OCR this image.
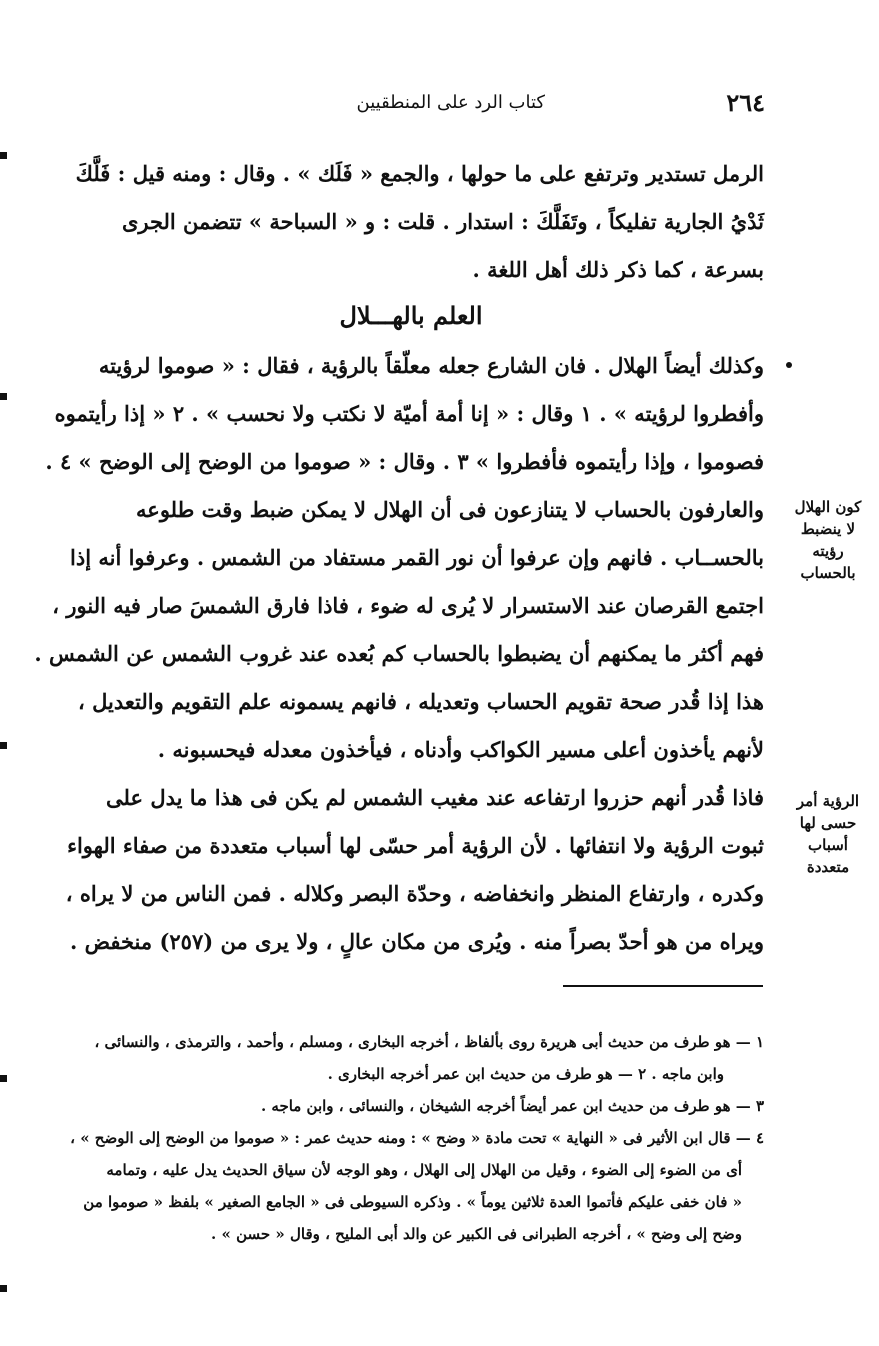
٢٦٤
كتاب الرد على المنطقيين
الرمل تستدير وترتفع على ما حولها ، والجمع « فَلَك » . وقال : ومنه قيل : فَلَّكَ
ثَدْيُ الجارية تفليكاً ، وتَفَلَّكَ : استدار . قلت : و « السباحة » تتضمن الجرى
بسرعة ، كما ذكر ذلك أهل اللغة .
وكذلك أيضاً الهلال . فان الشارع جعله معلّقاً بالرؤية ، فقال : « صوموا لرؤيته
وأفطروا لرؤيته » . ١ وقال : « إنا أمة أميّة لا نكتب ولا نحسب » . ٢ « إذا رأيتموه
فصوموا ، وإذا رأيتموه فأفطروا » ٣ . وقال : « صوموا من الوضح إلى الوضح » ٤ .
والعارفون بالحساب لا يتنازعون فى أن الهلال لا يمكن ضبط وقت طلوعه
بالحســاب . فانهم وإن عرفوا أن نور القمر مستفاد من الشمس . وعرفوا أنه إذا
اجتمع القرصان عند الاستسرار لا يُرى له ضوء ، فاذا فارق الشمسَ صار فيه النور ،
فهم أكثر ما يمكنهم أن يضبطوا بالحساب كم بُعده عند غروب الشمس عن الشمس .
هذا إذا قُدر صحة تقويم الحساب وتعديله ، فانهم يسمونه علم التقويم والتعديل ،
لأنهم يأخذون أعلى مسير الكواكب وأدناه ، فيأخذون معدله فيحسبونه .
فاذا قُدر أنهم حزروا ارتفاعه عند مغيب الشمس لم يكن فى هذا ما يدل على
ثبوت الرؤية ولا انتفائها . لأن الرؤية أمر حسّى لها أسباب متعددة من صفاء الهواء
وكدره ، وارتفاع المنظر وانخفاضه ، وحدّة البصر وكلاله . فمن الناس من لا يراه ،
ويراه من هو أحدّ بصراً منه . ويُرى من مكان عالٍ ، ولا يرى من (٢٥٧) منخفض .
العلم بالهـــلال
كون الهلال
لا ينضبط
رؤيته
بالحساب
الرؤية أمر
حسى لها
أسباب
متعددة
١ — هو طرف من حديث أبى هريرة روى بألفاظ ، أخرجه البخارى ، ومسلم ، وأحمد ، والترمذى ، والنسائى ،
وابن ماجه . ٢ — هو طرف من حديث ابن عمر أخرجه البخارى .
٣ — هو طرف من حديث ابن عمر أيضاً أخرجه الشيخان ، والنسائى ، وابن ماجه .
٤ — قال ابن الأثير فى « النهاية » تحت مادة « وضح » : ومنه حديث عمر : « صوموا من الوضح إلى الوضح » ،
أى من الضوء إلى الضوء ، وقيل من الهلال إلى الهلال ، وهو الوجه لأن سياق الحديث يدل عليه ، وتمامه
« فان خفى عليكم فأتموا العدة ثلاثين يوماً » . وذكره السيوطى فى « الجامع الصغير » بلفظ « صوموا من
وضح إلى وضح » ، أخرجه الطبرانى فى الكبير عن والد أبى المليح ، وقال « حسن » .
